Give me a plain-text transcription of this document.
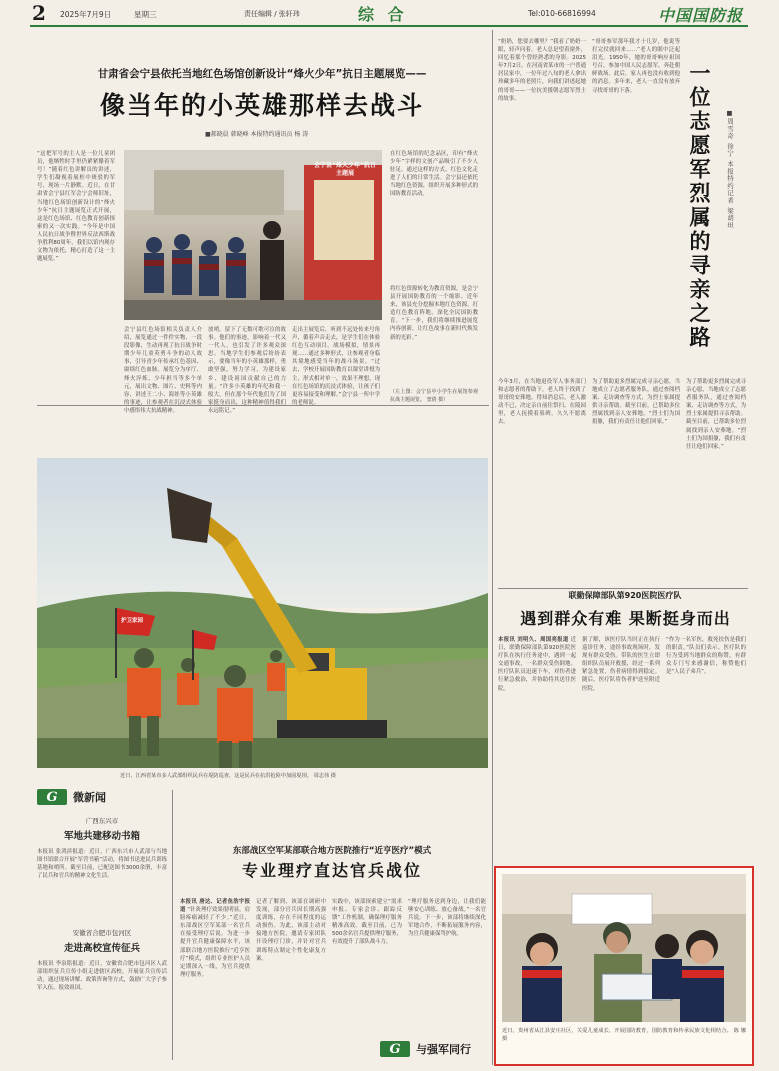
2 2025年7月9日	星期三	责任编辑 / 张轩玮	综 合	Tel:010-66816994	中国国防报
甘肃省会宁县依托当地红色场馆创新设计“烽火少年”抗日主题展览——
像当年的小英雄那样去战斗
■郝晓晨 韩晓峰 本报特约通讯员 杨 涛
“这把军号的主人是一位儿童团员，他牺牲时手里仍紧紧攥着军号！”随着红色讲解员的讲述，学生们凝视着展柜中斑驳的军号，现场一片静默。近日，在甘肃省会宁县红军会宁会师旧址，当地红色场馆创新设计的“烽火少年”抗日主题展览正式开展，这是红色场馆、红色教育创新探索的又一次实践。“今年是中国人民抗日战争暨世界反法西斯战争胜利80周年，我们以馆内现存文物为依托，精心打造了这一主题展览。”
会宁县“烽火少年”抗日主题展
会宁县红色场馆相关负责人介绍，展览通过一件件实物、一段段影像，生动再现了抗日战争时期少年儿童英勇斗争的动人故事，引导青少年传承红色基因、赓续红色血脉。展览分为序厅、烽火淬炼、少年担当等多个单元，展出文物、图片、史料等内容，讲述王二小、海娃等小英雄的事迹，让参观者在沉浸式体验中感悟伟大抗战精神。
放哨，留下了无数可歌可泣的故事。他们的事迹，影响着一代又一代人，也引发了许多观众深思。当地学生们参观后纷纷表示，要像当年的小英雄那样，勇敢坚强，努力学习，为建设家乡、建设祖国贡献自己的力量。“许多小英雄的年纪和我一般大，但在那个年代他们为了国家挺身而出，这种精神值得我们永远铭记。”
走出主展览后，听到不远处传来号角声，循着声音走去，是学生们在体验红色互动项目。战场模拟，情景再现……通过多种形式，让参观者身临其境地感受当年的战斗场景。“过去，学校开展国防教育以课堂讲授为主，形式相对单一，效果不理想，现在红色场馆的沉浸式体验，让孩子们更容易接受和理解。”会宁县一所中学的老师说。
在红色场馆的纪念品区，印有“烽火少年”字样的文创产品吸引了不少人驻足。通过这样的方式，红色文化走进了人们的日常生活。会宁县还依托当地红色资源，组织开展多种形式的国防教育活动。
将红色资源转化为教育资源，是会宁县开展国防教育的一个缩影。近年来，该县充分挖掘本地红色资源，打造红色教育阵地，深化全民国防教育。“下一步，我们将继续推进展览内容创新，让红色故事在新时代焕发新的光彩。”
（左上图：会宁县中小学生在展馆参观抗战主题展览。 窦倩 摄）
护卫家园
近日，江西省某市多人武部组织民兵在堤防巡查，这是民兵在抗洪抢险中加固堤坝。 周志伟 摄
G	微新闻
广西东兴市
军地共建移动书箱
本报讯 张鸿滨报道：近日，广西东兴市人武部与当地图书馆联合开展“军营书箱”活动，将图书送进民兵训练基地和哨所。截至目前，已配送图书3000余册，丰富了民兵和官兵的精神文化生活。
安徽省合肥市包河区
走进高校宣传征兵
本报讯 李泉铭报道：近日，安徽省合肥市包河区人武部组织征兵宣传小组走进辖区高校，开展征兵宣传活动，通过现场讲解、政策咨询等方式，鼓励广大学子参军入伍、报效祖国。
东部战区空军某部联合地方医院推行“近亨医疗”模式
专业理疗直达官兵战位
本报讯 唐达、记者鱼浩宇报道 “针灸理疗效果很明显，肩膀疼痛减轻了不少。”近日，东部战区空军某部一名官兵在接受理疗后说。为进一步提升官兵健康保障水平，该部联合地方医院推行“近亨医疗”模式，组织专业医护人员定期深入一线，为官兵提供理疗服务。
记者了解到，该部在调研中发现，部分官兵因长期高强度训练，存在不同程度的运动损伤。为此，该部主动对接地方医院，邀请专家团队开设理疗门诊，并针对官兵训练特点制定个性化康复方案。
实践中，该部探索建立“需求申报、专家会诊、跟踪反馈”工作机制，确保理疗服务精准高效。截至目前，已为500余名官兵提供理疗服务，有效提升了部队战斗力。
“理疗服务送到身边，让我们能够安心训练、放心备战。”一名官兵说。下一步，该部将继续深化军地合作，不断拓展服务内容，为官兵健康保驾护航。
“奶奶，您要去哪里？”我看了奶奶一眼，轻声问着。老人总是望着窗外，回忆着那个曾经熟悉的身影。2025年7月2日，在河南省某市的一户普通居民家中，一位年过八旬的老人拿出珍藏多年的老照片，向我们讲述起她的哥哥——一位抗美援朝志愿军烈士的故事。
“哥哥参军那年我才十几岁，他说等打完仗就回来……”老人的眼中泛起泪光。1950年，她的哥哥响应祖国号召，参加中国人民志愿军，奔赴朝鲜战场。此后，家人再也没有收到他的消息。多年来，老人一直没有放弃寻找哥哥的下落。
今年3月，在当地退役军人事务部门和志愿者的帮助下，老人终于找到了哥哥的安葬地。得知消息后，老人激动不已，决定亲自前往祭扫。在陵园里，老人抚摸着墓碑，久久不愿离去。
为了帮助更多烈属完成寻亲心愿，当地成立了志愿者服务队，通过查阅档案、走访调查等方式，为烈士家属提供寻亲帮助。截至目前，已帮助多位烈属找到亲人安葬地。“烈士们为国捐躯，我们有责任让他们回家。”
为了帮助更多烈属完成寻亲心愿，当地成立了志愿者服务队，通过查阅档案、走访调查等方式，为烈士家属提供寻亲帮助。截至目前，已帮助多位烈属找到亲人安葬地。“烈士们为国捐躯，我们有责任让他们回家。”
一位志愿军烈属的寻亲之路	■周雪奇 徐宁 本报特约记者 梁胡坦
联勤保障部队第920医院医疗队
遇到群众有难 果断挺身而出
本报讯 刘明久、周国亮报道 近日，联勤保障部队第920医院医疗队在执行任务途中，遇到一起交通事故，一名群众受伤倒地。医疗队队员迅速下车，对伤者进行紧急救治，并协助将其送往医院。
据了解，该医疗队当时正在执行巡诊任务，途经事故现场时，发现有群众受伤。带队的医生立即组织队员展开救援，经过一系列紧急处置，伤者病情得到稳定。随后，医疗队将伤者护送至附近医院。
“作为一名军医，救死扶伤是我们的职责。”队员们表示。医疗队的行为受到当地群众的称赞，有群众专门写来感谢信，称赞他们是“人民子弟兵”。
近日，贵州省从江县安庄社区，关爱儿童成长、开展国防教育，国防教育和传承民族文化相结合。 陈 娜 摄
G	与强军同行
